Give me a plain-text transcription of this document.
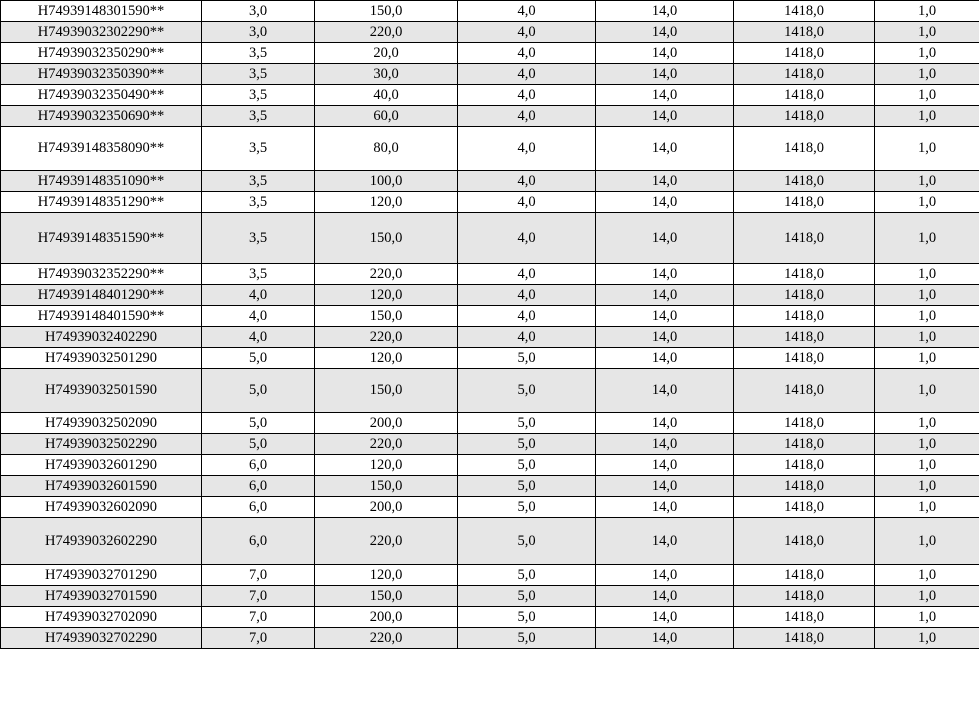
H74939148301590**	3,0	150,0	4,0	14,0	1418,0	1,0
H74939032302290**	3,0	220,0	4,0	14,0	1418,0	1,0
H74939032350290**	3,5	20,0	4,0	14,0	1418,0	1,0
H74939032350390**	3,5	30,0	4,0	14,0	1418,0	1,0
H74939032350490**	3,5	40,0	4,0	14,0	1418,0	1,0
H74939032350690**	3,5	60,0	4,0	14,0	1418,0	1,0
H74939148358090**	3,5	80,0	4,0	14,0	1418,0	1,0
H74939148351090**	3,5	100,0	4,0	14,0	1418,0	1,0
H74939148351290**	3,5	120,0	4,0	14,0	1418,0	1,0
H74939148351590**	3,5	150,0	4,0	14,0	1418,0	1,0
H74939032352290**	3,5	220,0	4,0	14,0	1418,0	1,0
H74939148401290**	4,0	120,0	4,0	14,0	1418,0	1,0
H74939148401590**	4,0	150,0	4,0	14,0	1418,0	1,0
H74939032402290	4,0	220,0	4,0	14,0	1418,0	1,0
H74939032501290	5,0	120,0	5,0	14,0	1418,0	1,0
H74939032501590	5,0	150,0	5,0	14,0	1418,0	1,0
H74939032502090	5,0	200,0	5,0	14,0	1418,0	1,0
H74939032502290	5,0	220,0	5,0	14,0	1418,0	1,0
H74939032601290	6,0	120,0	5,0	14,0	1418,0	1,0
H74939032601590	6,0	150,0	5,0	14,0	1418,0	1,0
H74939032602090	6,0	200,0	5,0	14,0	1418,0	1,0
H74939032602290	6,0	220,0	5,0	14,0	1418,0	1,0
H74939032701290	7,0	120,0	5,0	14,0	1418,0	1,0
H74939032701590	7,0	150,0	5,0	14,0	1418,0	1,0
H74939032702090	7,0	200,0	5,0	14,0	1418,0	1,0
H74939032702290	7,0	220,0	5,0	14,0	1418,0	1,0
